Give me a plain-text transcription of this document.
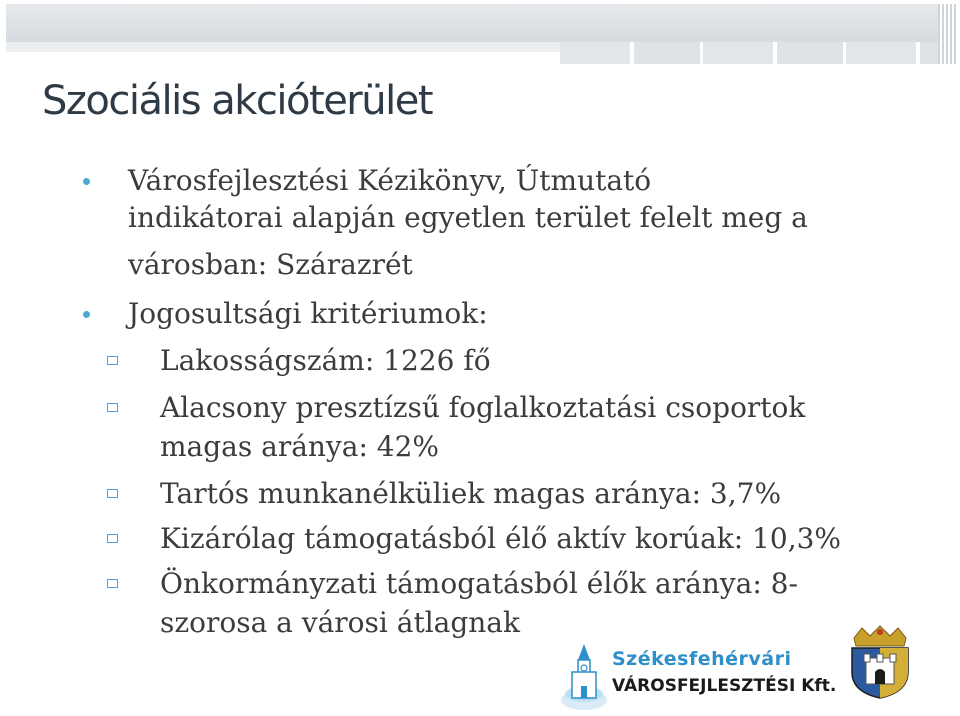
Szociális akcióterület

Városfejlesztési Kézikönyv, Útmutató

indikátorai alapján egyetlen terület felelt meg a

városban: Szárazrét

Jogosultsági kritériumok:

Lakosságszám: 1226 fő

Alacsony presztízsű foglalkoztatási csoportok

magas aránya: 42%

Tartós munkanélküliek magas aránya: 3,7%

Kizárólag támogatásból élő aktív korúak: 10,3%

Önkormányzati támogatásból élők aránya: 8-

szorosa a városi átlagnak

Székesfehérvári
VÁROSFEJLESZTÉSI Kft.
